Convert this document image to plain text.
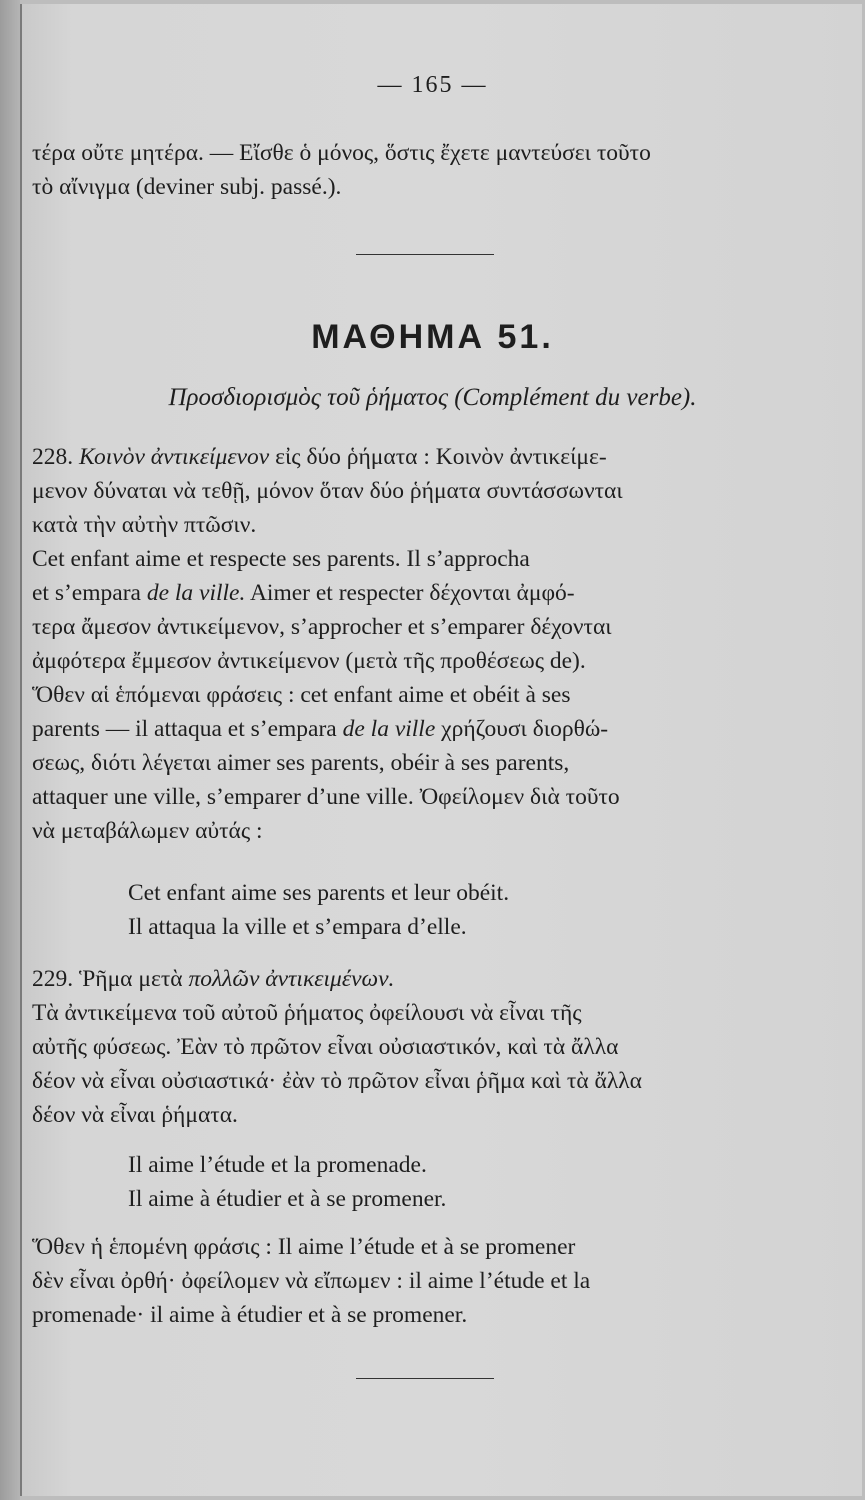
— 165 —
τέρα οὔτε μητέρα. — Εἴσθε ὁ μόνος, ὅστις ἔχετε μαντεύσει τοῦτο
τὸ αἴνιγμα (deviner subj. passé.).
ΜΑΘΗΜΑ 51.
Προσδιορισμὸς τοῦ ῥήματος (Complément du verbe).
228. Κοινὸν ἀντικείμενον εἰς δύο ῥήματα : Κοινὸν ἀντικείμε-
μενον δύναται νὰ τεθῇ, μόνον ὅταν δύο ῥήματα συντάσσωνται
κατὰ τὴν αὐτὴν πτῶσιν.
Cet enfant aime et respecte ses parents. Il s’approcha
et s’empara de la ville. Aimer et respecter δέχονται ἀμφό-
τερα ἄμεσον ἀντικείμενον, s’approcher et s’emparer δέχονται
ἀμφότερα ἔμμεσον ἀντικείμενον (μετὰ τῆς προθέσεως de).
Ὅθεν αἱ ἑπόμεναι φράσεις : cet enfant aime et obéit à ses
parents — il attaqua et s’empara de la ville χρήζουσι διορθώ-
σεως, διότι λέγεται aimer ses parents, obéir à ses parents,
attaquer une ville, s’emparer d’une ville. Ὀφείλομεν διὰ τοῦτο
νὰ μεταβάλωμεν αὐτάς :
Cet enfant aime ses parents et leur obéit.
Il attaqua la ville et s’empara d’elle.
229. Ῥῆμα μετὰ πολλῶν ἀντικειμένων.
Τὰ ἀντικείμενα τοῦ αὐτοῦ ῥήματος ὀφείλουσι νὰ εἶναι τῆς
αὐτῆς φύσεως. Ἐὰν τὸ πρῶτον εἶναι οὐσιαστικόν, καὶ τὰ ἄλλα
δέον νὰ εἶναι οὐσιαστικά· ἐὰν τὸ πρῶτον εἶναι ῥῆμα καὶ τὰ ἄλλα
δέον νὰ εἶναι ῥήματα.
Il aime l’étude et la promenade.
Il aime à étudier et à se promener.
Ὅθεν ἡ ἑπομένη φράσις : Il aime l’étude et à se promener
δὲν εἶναι ὀρθή· ὀφείλομεν νὰ εἴπωμεν : il aime l’étude et la
promenade· il aime à étudier et à se promener.
